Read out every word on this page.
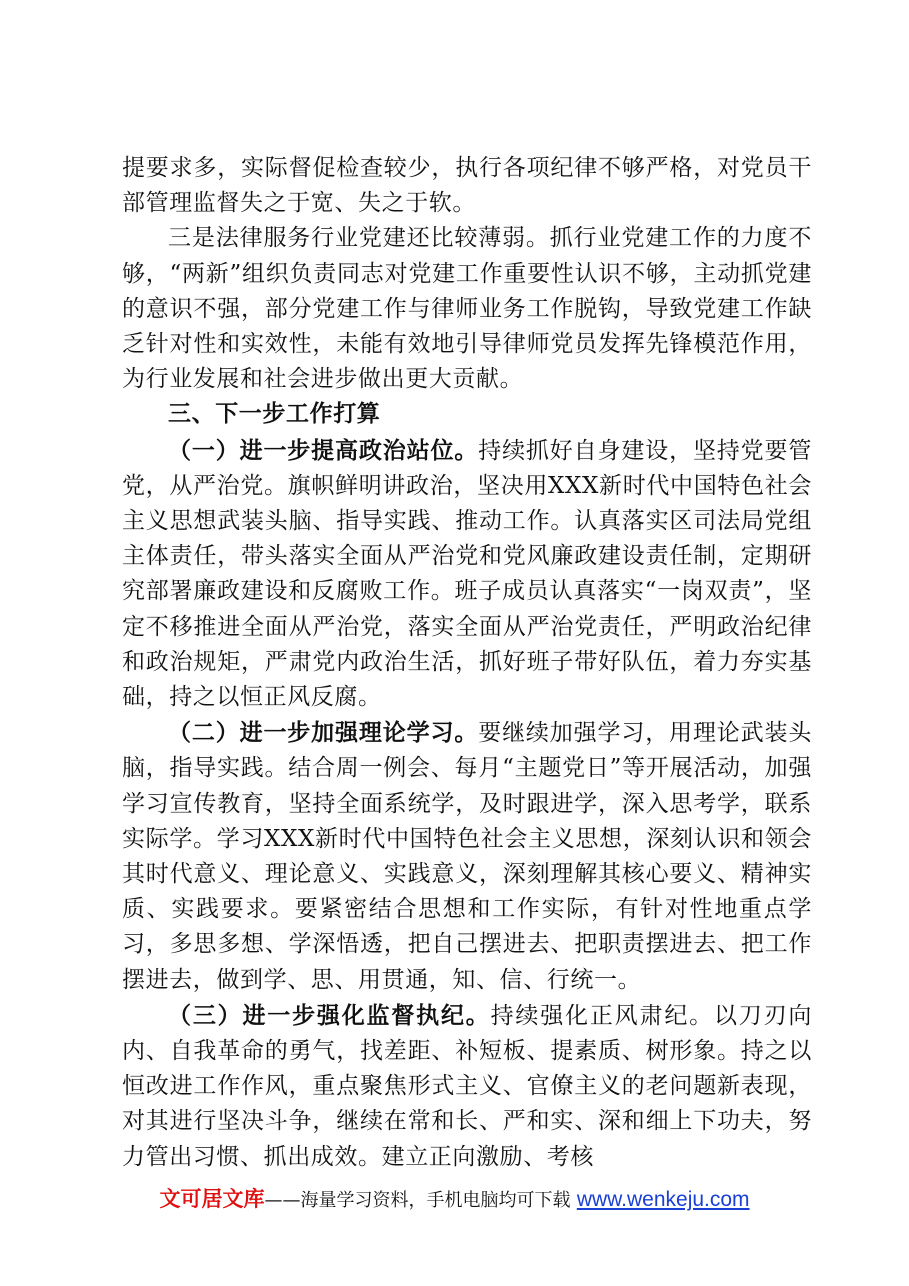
提要求多，实际督促检查较少，执行各项纪律不够严格，对党员干部管理监督失之于宽、失之于软。

三是法律服务行业党建还比较薄弱。抓行业党建工作的力度不够，“两新”组织负责同志对党建工作重要性认识不够，主动抓党建的意识不强，部分党建工作与律师业务工作脱钩，导致党建工作缺乏针对性和实效性，未能有效地引导律师党员发挥先锋模范作用，为行业发展和社会进步做出更大贡献。

三、下一步工作打算

（一）进一步提高政治站位。持续抓好自身建设，坚持党要管党，从严治党。旗帜鲜明讲政治，坚决用XXX新时代中国特色社会主义思想武装头脑、指导实践、推动工作。认真落实区司法局党组主体责任，带头落实全面从严治党和党风廉政建设责任制，定期研究部署廉政建设和反腐败工作。班子成员认真落实“一岗双责”，坚定不移推进全面从严治党，落实全面从严治党责任，严明政治纪律和政治规矩，严肃党内政治生活，抓好班子带好队伍，着力夯实基础，持之以恒正风反腐。

（二）进一步加强理论学习。要继续加强学习，用理论武装头脑，指导实践。结合周一例会、每月“主题党日”等开展活动，加强学习宣传教育，坚持全面系统学，及时跟进学，深入思考学，联系实际学。学习XXX新时代中国特色社会主义思想，深刻认识和领会其时代意义、理论意义、实践意义，深刻理解其核心要义、精神实质、实践要求。要紧密结合思想和工作实际，有针对性地重点学习，多思多想、学深悟透，把自己摆进去、把职责摆进去、把工作摆进去，做到学、思、用贯通，知、信、行统一。

（三）进一步强化监督执纪。持续强化正风肃纪。以刀刃向内、自我革命的勇气，找差距、补短板、提素质、树形象。持之以恒改进工作作风，重点聚焦形式主义、官僚主义的老问题新表现，对其进行坚决斗争，继续在常和长、严和实、深和细上下功夫，努力管出习惯、抓出成效。建立正向激励、考核

文可居文库——海量学习资料，手机电脑均可下载 www.wenkeju.com
